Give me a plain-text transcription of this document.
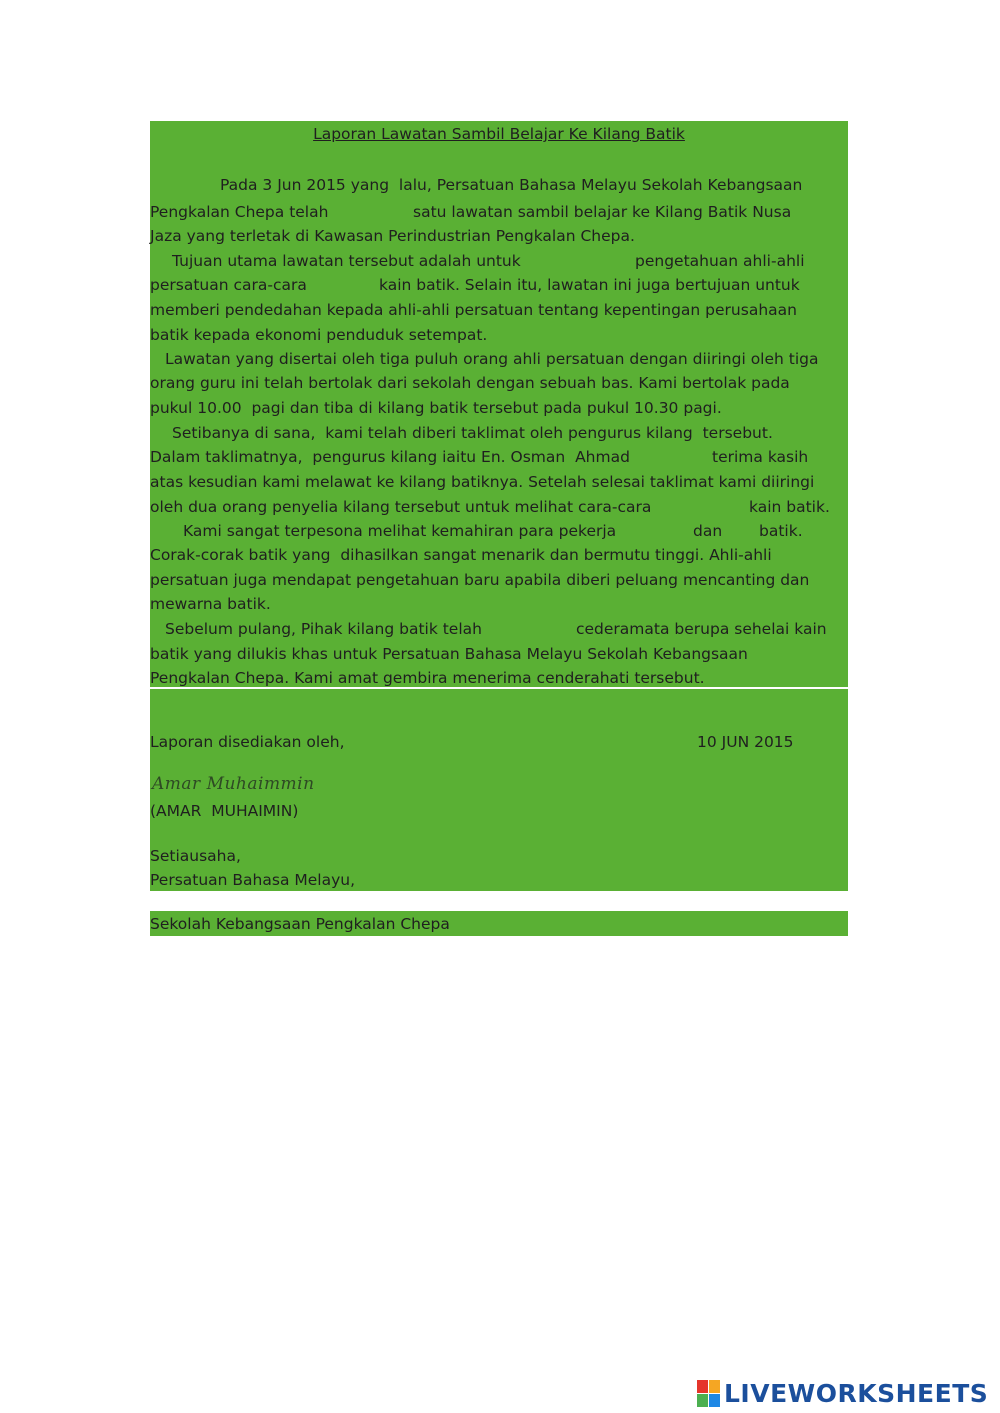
Laporan Lawatan Sambil Belajar Ke Kilang Batik
Pada 3 Jun 2015 yang  lalu, Persatuan Bahasa Melayu Sekolah Kebangsaan
Pengkalan Chepa telah	satu lawatan sambil belajar ke Kilang Batik Nusa
Jaza yang terletak di Kawasan Perindustrian Pengkalan Chepa.
Tujuan utama lawatan tersebut adalah untuk	pengetahuan ahli-ahli
persatuan cara-cara	kain batik. Selain itu, lawatan ini juga bertujuan untuk
memberi pendedahan kepada ahli-ahli persatuan tentang kepentingan perusahaan
batik kepada ekonomi penduduk setempat.
Lawatan yang disertai oleh tiga puluh orang ahli persatuan dengan diiringi oleh tiga
orang guru ini telah bertolak dari sekolah dengan sebuah bas. Kami bertolak pada
pukul 10.00  pagi dan tiba di kilang batik tersebut pada pukul 10.30 pagi.
Setibanya di sana,  kami telah diberi taklimat oleh pengurus kilang  tersebut.
Dalam taklimatnya,  pengurus kilang iaitu En. Osman  Ahmad	terima kasih
atas kesudian kami melawat ke kilang batiknya. Setelah selesai taklimat kami diiringi
oleh dua orang penyelia kilang tersebut untuk melihat cara-cara	kain batik.
Kami sangat terpesona melihat kemahiran para pekerja	dan batik.
Corak-corak batik yang  dihasilkan sangat menarik dan bermutu tinggi. Ahli-ahli
persatuan juga mendapat pengetahuan baru apabila diberi peluang mencanting dan
mewarna batik.
Sebelum pulang, Pihak kilang batik telah	cederamata berupa sehelai kain
batik yang dilukis khas untuk Persatuan Bahasa Melayu Sekolah Kebangsaan
Pengkalan Chepa. Kami amat gembira menerima cenderahati tersebut.
Laporan disediakan oleh,	10 JUN 2015
Amar Muhaimmin
(AMAR  MUHAIMIN)
Setiausaha,
Persatuan Bahasa Melayu,
Sekolah Kebangsaan Pengkalan Chepa
LIVEWORKSHEETS
